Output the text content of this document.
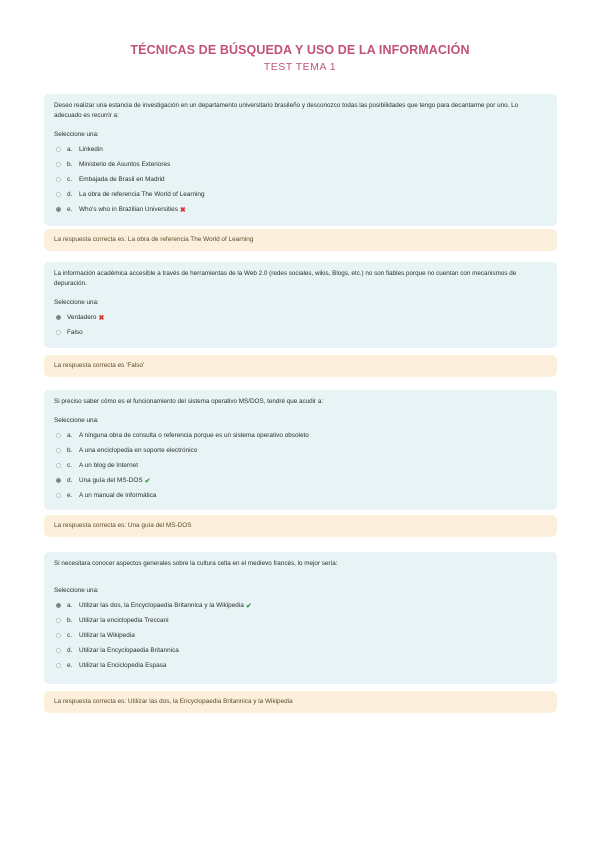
TÉCNICAS DE BÚSQUEDA Y USO DE LA INFORMACIÓN
TEST TEMA 1
Deseo realizar una estancia de investigación en un departamento universitario brasileño y desconozco todas las posibilidades que tengo para decantarme por uno. Lo adecuado es recurrir a:
Seleccione una:
a.	Linkedin
b.	Ministerio de Asuntos Exteriores
c.	Embajada de Brasil en Madrid
d.	La obra de referencia The World of Learning
e.	Who's who in Brazilian Universities ✖
La respuesta correcta es: La obra de referencia The World of Learning
La información académica accesible a través de herramientas de la Web 2.0 (redes sociales, wikis, Blogs, etc.) no son fiables porque no cuentan con mecanismos de depuración.
Seleccione una:
Verdadero ✖
Falso
La respuesta correcta es 'Falso'
Si preciso saber cómo es el funcionamiento del sistema operativo MS/DOS, tendré que acudir a:
Seleccione una:
a.	A ninguna obra de consulta o referencia porque es un sistema operativo obsoleto
b.	A una enciclopedia en soporte electrónico
c.	A un blog de Internet
d.	Una guía del MS-DOS ✔
e.	A un manual de informática
La respuesta correcta es: Una guía del MS-DOS
Si necesitara conocer aspectos generales sobre la cultura celta en el medievo francés, lo mejor sería:
Seleccione una:
a.	Utilizar las dos, la Encyclopaedia Britannica y la Wikipedia ✔
b.	Utilizar la enciclopedia Treccani
c.	Utilizar la Wikipedia
d.	Utilizar la Encyclopaedia Britannica
e.	Utilizar la Enciclopedia Espasa
La respuesta correcta es: Utilizar las dos, la Encyclopaedia Britannica y la Wikipedia
